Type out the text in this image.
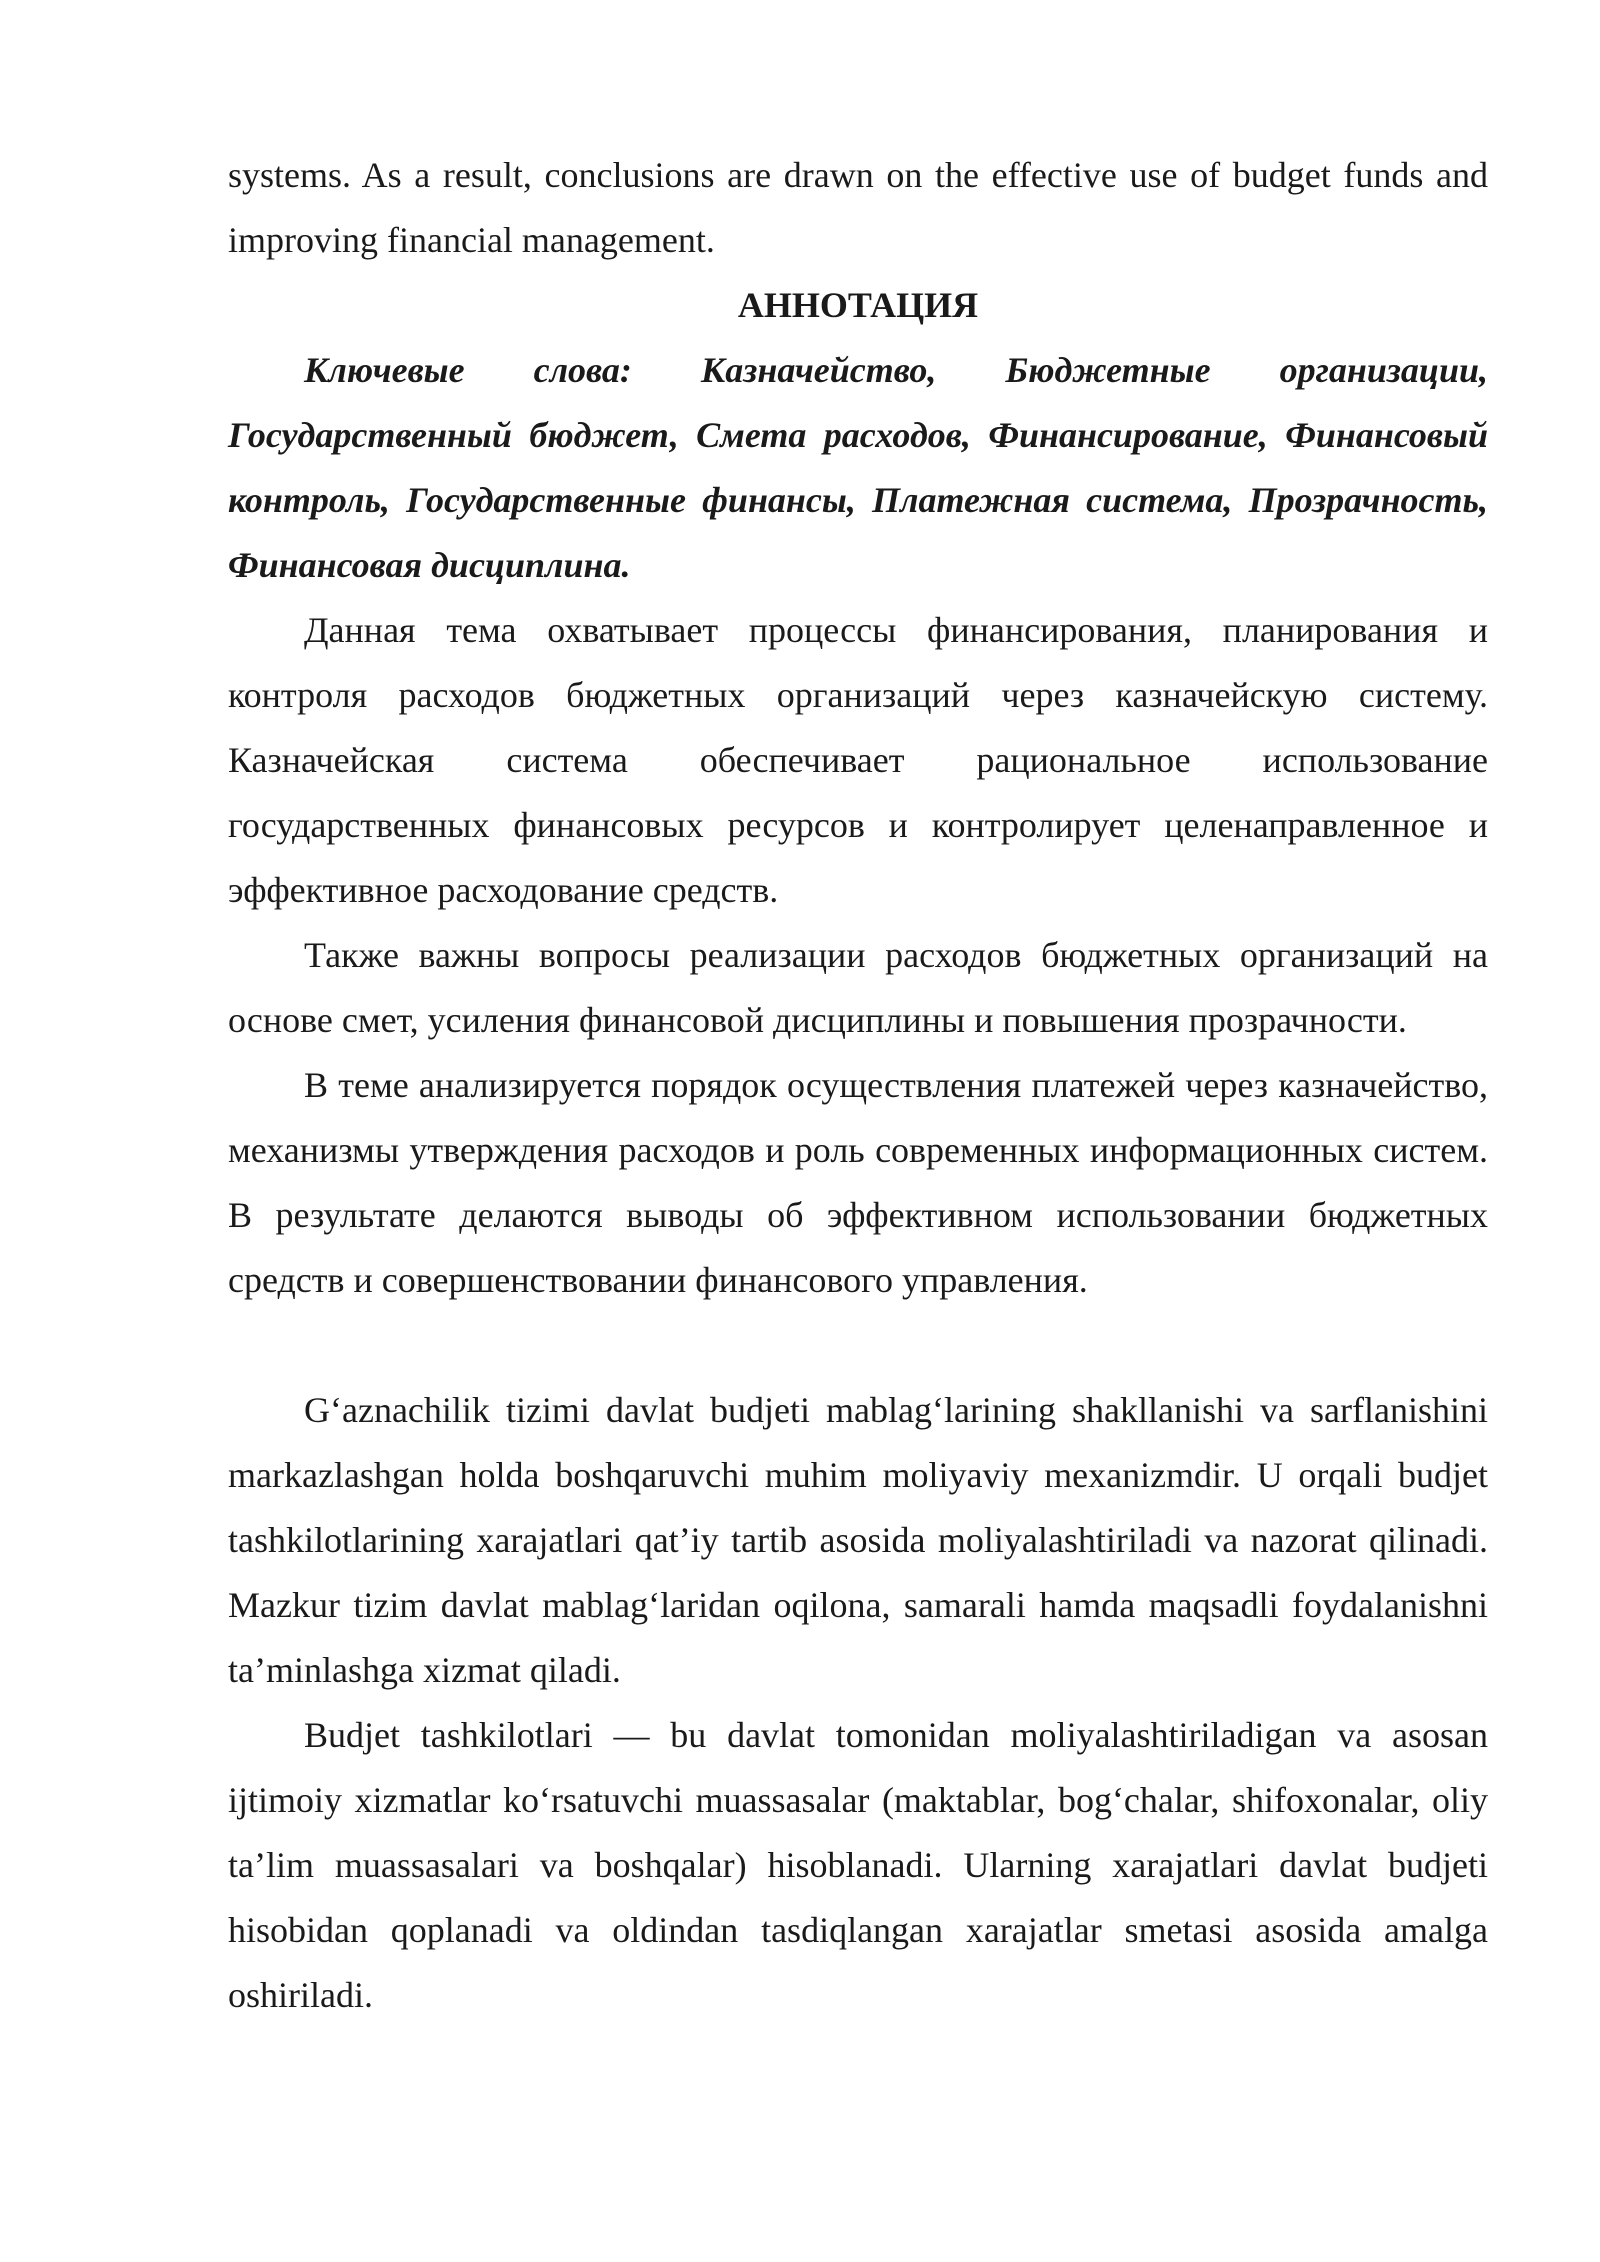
systems. As a result, conclusions are drawn on the effective use of budget funds and improving financial management.

АННОТАЦИЯ

Ключевые слова: Казначейство, Бюджетные организации, Государственный бюджет, Смета расходов, Финансирование, Финансовый контроль, Государственные финансы, Платежная система, Прозрачность, Финансовая дисциплина.

Данная тема охватывает процессы финансирования, планирования и контроля расходов бюджетных организаций через казначейскую систему. Казначейская система обеспечивает рациональное использование государственных финансовых ресурсов и контролирует целенаправленное и эффективное расходование средств.

Также важны вопросы реализации расходов бюджетных организаций на основе смет, усиления финансовой дисциплины и повышения прозрачности.

В теме анализируется порядок осуществления платежей через казначейство, механизмы утверждения расходов и роль современных информационных систем. В результате делаются выводы об эффективном использовании бюджетных средств и совершенствовании финансового управления.

G‘aznachilik tizimi davlat budjeti mablag‘larining shakllanishi va sarflanishini markazlashgan holda boshqaruvchi muhim moliyaviy mexanizmdir. U orqali budjet tashkilotlarining xarajatlari qat’iy tartib asosida moliyalashtiriladi va nazorat qilinadi. Mazkur tizim davlat mablag‘laridan oqilona, samarali hamda maqsadli foydalanishni ta’minlashga xizmat qiladi.

Budjet tashkilotlari — bu davlat tomonidan moliyalashtiriladigan va asosan ijtimoiy xizmatlar ko‘rsatuvchi muassasalar (maktablar, bog‘chalar, shifoxonalar, oliy ta’lim muassasalari va boshqalar) hisoblanadi. Ularning xarajatlari davlat budjeti hisobidan qoplanadi va oldindan tasdiqlangan xarajatlar smetasi asosida amalga oshiriladi.
